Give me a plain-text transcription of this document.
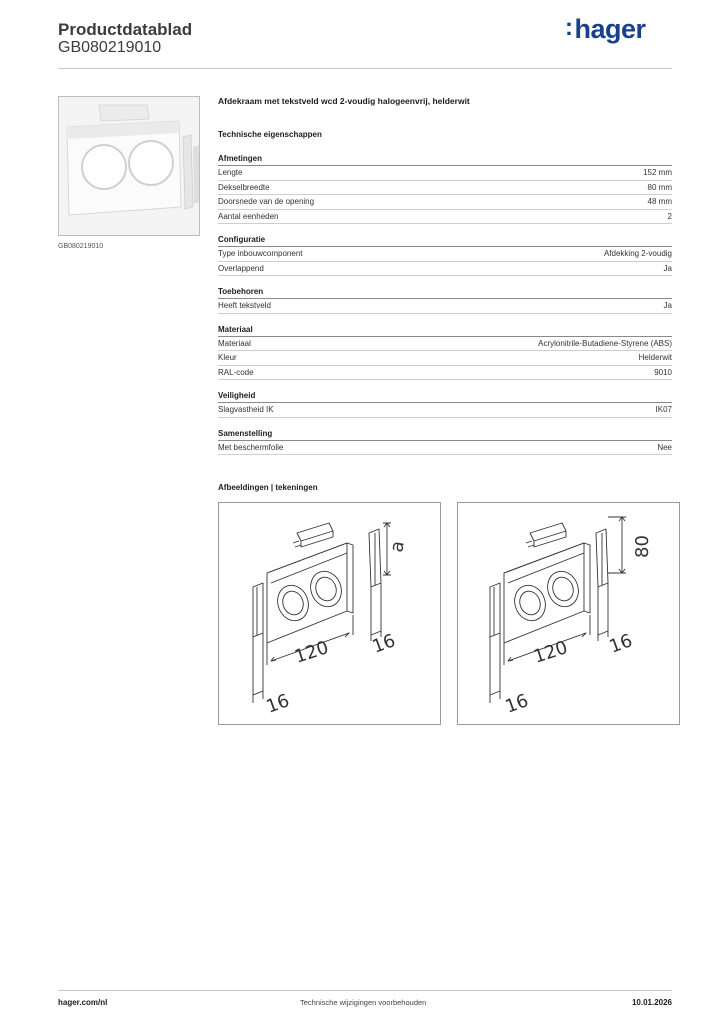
Productdatablad
GB080219010
:hager
GB080219010
Afdekraam met tekstveld wcd 2-voudig halogeenvrij, helderwit
Technische eigenschappen
Afmetingen
Lengte	152 mm
Dekselbreedte	80 mm
Doorsnede van de opening	48 mm
Aantal eenheden	2
Configuratie
Type inbouwcomponent	Afdekking 2-voudig
Overlappend	Ja
Toebehoren
Heeft tekstveld	Ja
Materiaal
Materiaal	Acrylonitrile-Butadiene-Styrene (ABS)
Kleur	Helderwit
RAL-code	9010
Veiligheid
Slagvastheid IK	IK07
Samenstelling
Met beschermfolie	Nee
Afbeeldingen | tekeningen
a
120 16
16
80
120 16
16
hager.com/nl	Technische wijzigingen voorbehouden	10.01.2026
